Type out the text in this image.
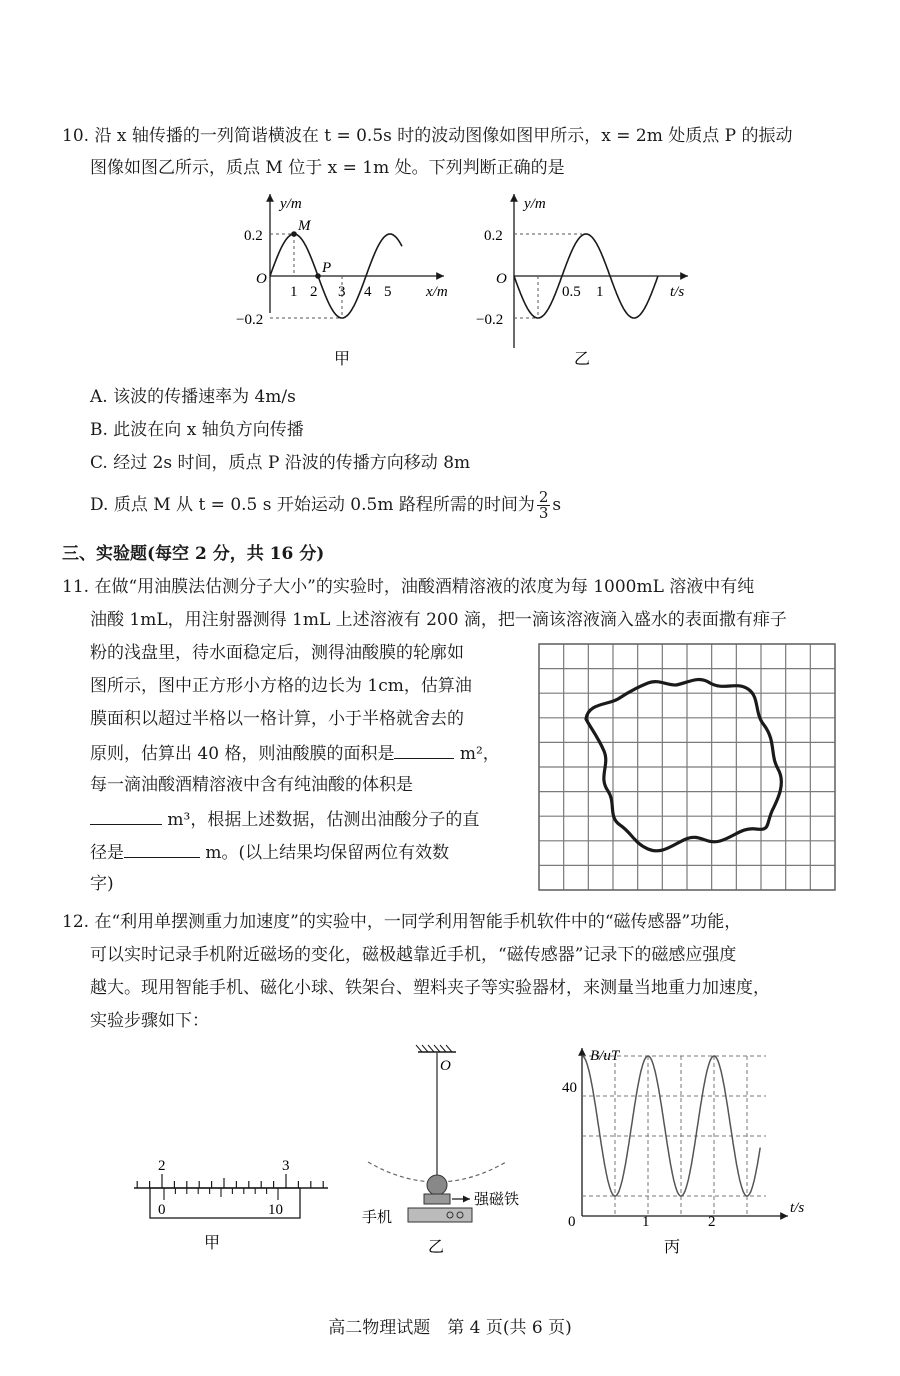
10. 沿 x 轴传播的一列简谐横波在 t = 0.5s 时的波动图像如图甲所示，x = 2m 处质点 P 的振动
图像如图乙所示，质点 M 位于 x = 1m 处。下列判断正确的是
y/m
x/m
O
0.2
−0.2
1 2 3 4 5
M
P
甲
y/m
t/s
O
0.2
−0.2
0.5 1
乙
A. 该波的传播速率为 4m/s
B. 此波在向 x 轴负方向传播
C. 经过 2s 时间，质点 P 沿波的传播方向移动 8m
D. 质点 M 从 t = 0.5 s 开始运动 0.5m 路程所需的时间为 $\frac{2}{3}$ s
三、实验题(每空 2 分，共 16 分)
11. 在做“用油膜法估测分子大小”的实验时，油酸酒精溶液的浓度为每 1000mL 溶液中有纯
油酸 1mL，用注射器测得 1mL 上述溶液有 200 滴，把一滴该溶液滴入盛水的表面撒有痱子
粉的浅盘里，待水面稳定后，测得油酸膜的轮廓如
图所示，图中正方形小方格的边长为 1cm，估算油
膜面积以超过半格以一格计算，小于半格就舍去的
原则，估算出 40 格，则油酸膜的面积是	m²，
每一滴油酸酒精溶液中含有纯油酸的体积是
m³，根据上述数据，估测出油酸分子的直
径是	m。(以上结果均保留两位有效数
字)
12. 在“利用单摆测重力加速度”的实验中，一同学利用智能手机软件中的“磁传感器”功能，
可以实时记录手机附近磁场的变化，磁极越靠近手机，“磁传感器”记录下的磁感应强度
越大。现用智能手机、磁化小球、铁架台、塑料夹子等实验器材，来测量当地重力加速度，
实验步骤如下：
2	3
0	10
甲
O
强磁铁
手机
乙
B/uT
t/s
40
0	1	2
丙
高二物理试题　第 4 页(共 6 页)
